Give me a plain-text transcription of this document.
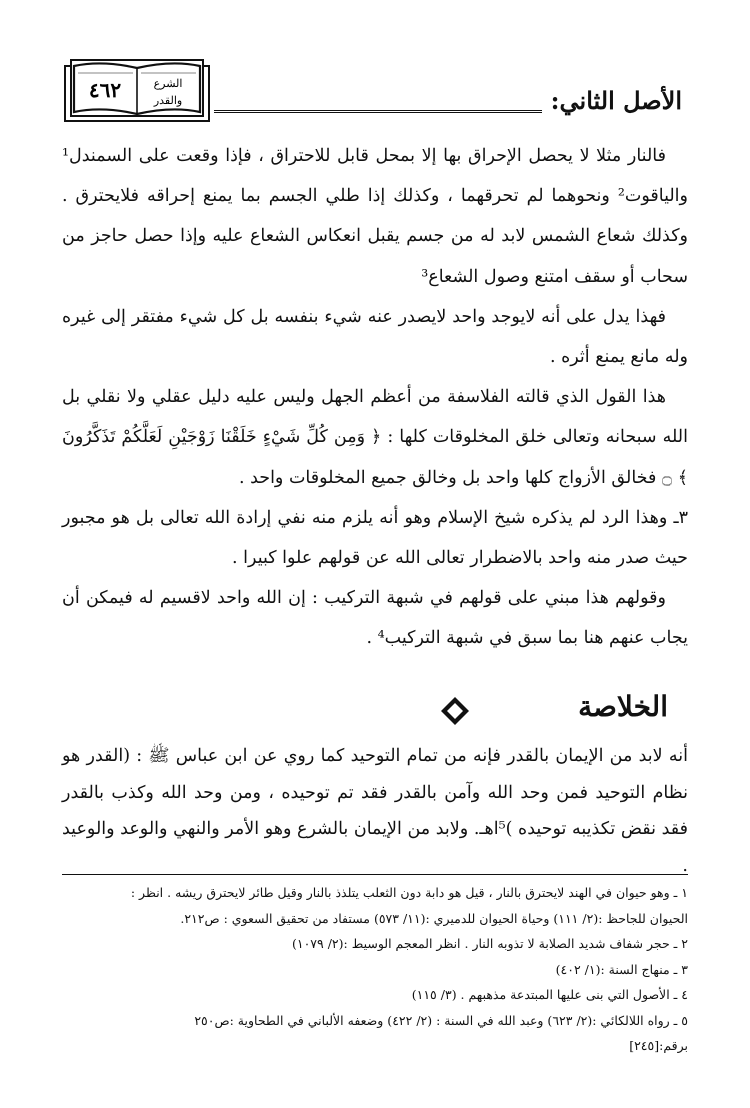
الأصل الثاني:
٤٦٢	الشرع
والقدر

فالنار مثلا لا يحصل الإحراق بها إلا بمحل قابل للاحتراق ، فإذا وقعت على السمندل¹ والياقوت² ونحوهما لم تحرقهما ، وكذلك إذا طلي الجسم بما يمنع إحراقه فلايحترق . وكذلك شعاع الشمس لابد له من جسم يقبل انعكاس الشعاع عليه وإذا حصل حاجز من سحاب أو سقف امتنع وصول الشعاع³

فهذا يدل على أنه لايوجد واحد لايصدر عنه شيء بنفسه بل كل شيء مفتقر إلى غيره وله مانع يمنع أثره .

هذا القول الذي قالته الفلاسفة من أعظم الجهل وليس عليه دليل عقلي ولا نقلي بل الله سبحانه وتعالى خلق المخلوقات كلها : ﴿ وَمِن كُلِّ شَيْءٍ خَلَقْنَا زَوْجَيْنِ لَعَلَّكُمْ تَذَكَّرُونَ ﴾ ۝ فخالق الأزواج كلها واحد بل وخالق جميع المخلوقات واحد .

٣ـ وهذا الرد لم يذكره شيخ الإسلام وهو أنه يلزم منه نفي إرادة الله تعالى بل هو مجبور حيث صدر منه واحد بالاضطرار تعالى الله عن قولهم علوا كبيرا .

وقولهم هذا مبني على قولهم في شبهة التركيب : إن الله واحد لاقسيم له فيمكن أن يجاب عنهم هنا بما سبق في شبهة التركيب⁴ .

الخلاصة
أنه لابد من الإيمان بالقدر فإنه من تمام التوحيد كما روي عن ابن عباس ﷺ : (القدر هو نظام التوحيد فمن وحد الله وآمن بالقدر فقد تم توحيده ، ومن وحد الله وكذب بالقدر فقد نقض تكذيبه توحيده )⁵اهـ. ولابد من الإيمان بالشرع وهو الأمر والنهي والوعد والوعيد .
١ ـ وهو حيوان في الهند لايحترق بالنار ، قيل هو دابة دون الثعلب يتلذذ بالنار وقيل طائر لايحترق ريشه . انظر :
الحيوان للجاحظ :(٢/ ١١١) وحياة الحيوان للدميري :(١١/ ٥٧٣) مستفاد من تحقيق السعوي : ص٢١٢.
٢ ـ حجر شفاف شديد الصلابة لا تذوبه النار . انظر المعجم الوسيط :(٢/ ١٠٧٩)
٣ ـ منهاج السنة :(١/ ٤٠٢)
٤ ـ الأصول التي بنى عليها المبتدعة مذهبهم . (٣/ ١١٥)
٥ ـ رواه اللالكائي :(٢/ ٦٢٣) وعبد الله في السنة : (٢/ ٤٢٢) وضعفه الألباني في الطحاوية :ص٢٥٠
برقم:[٢٤٥]
